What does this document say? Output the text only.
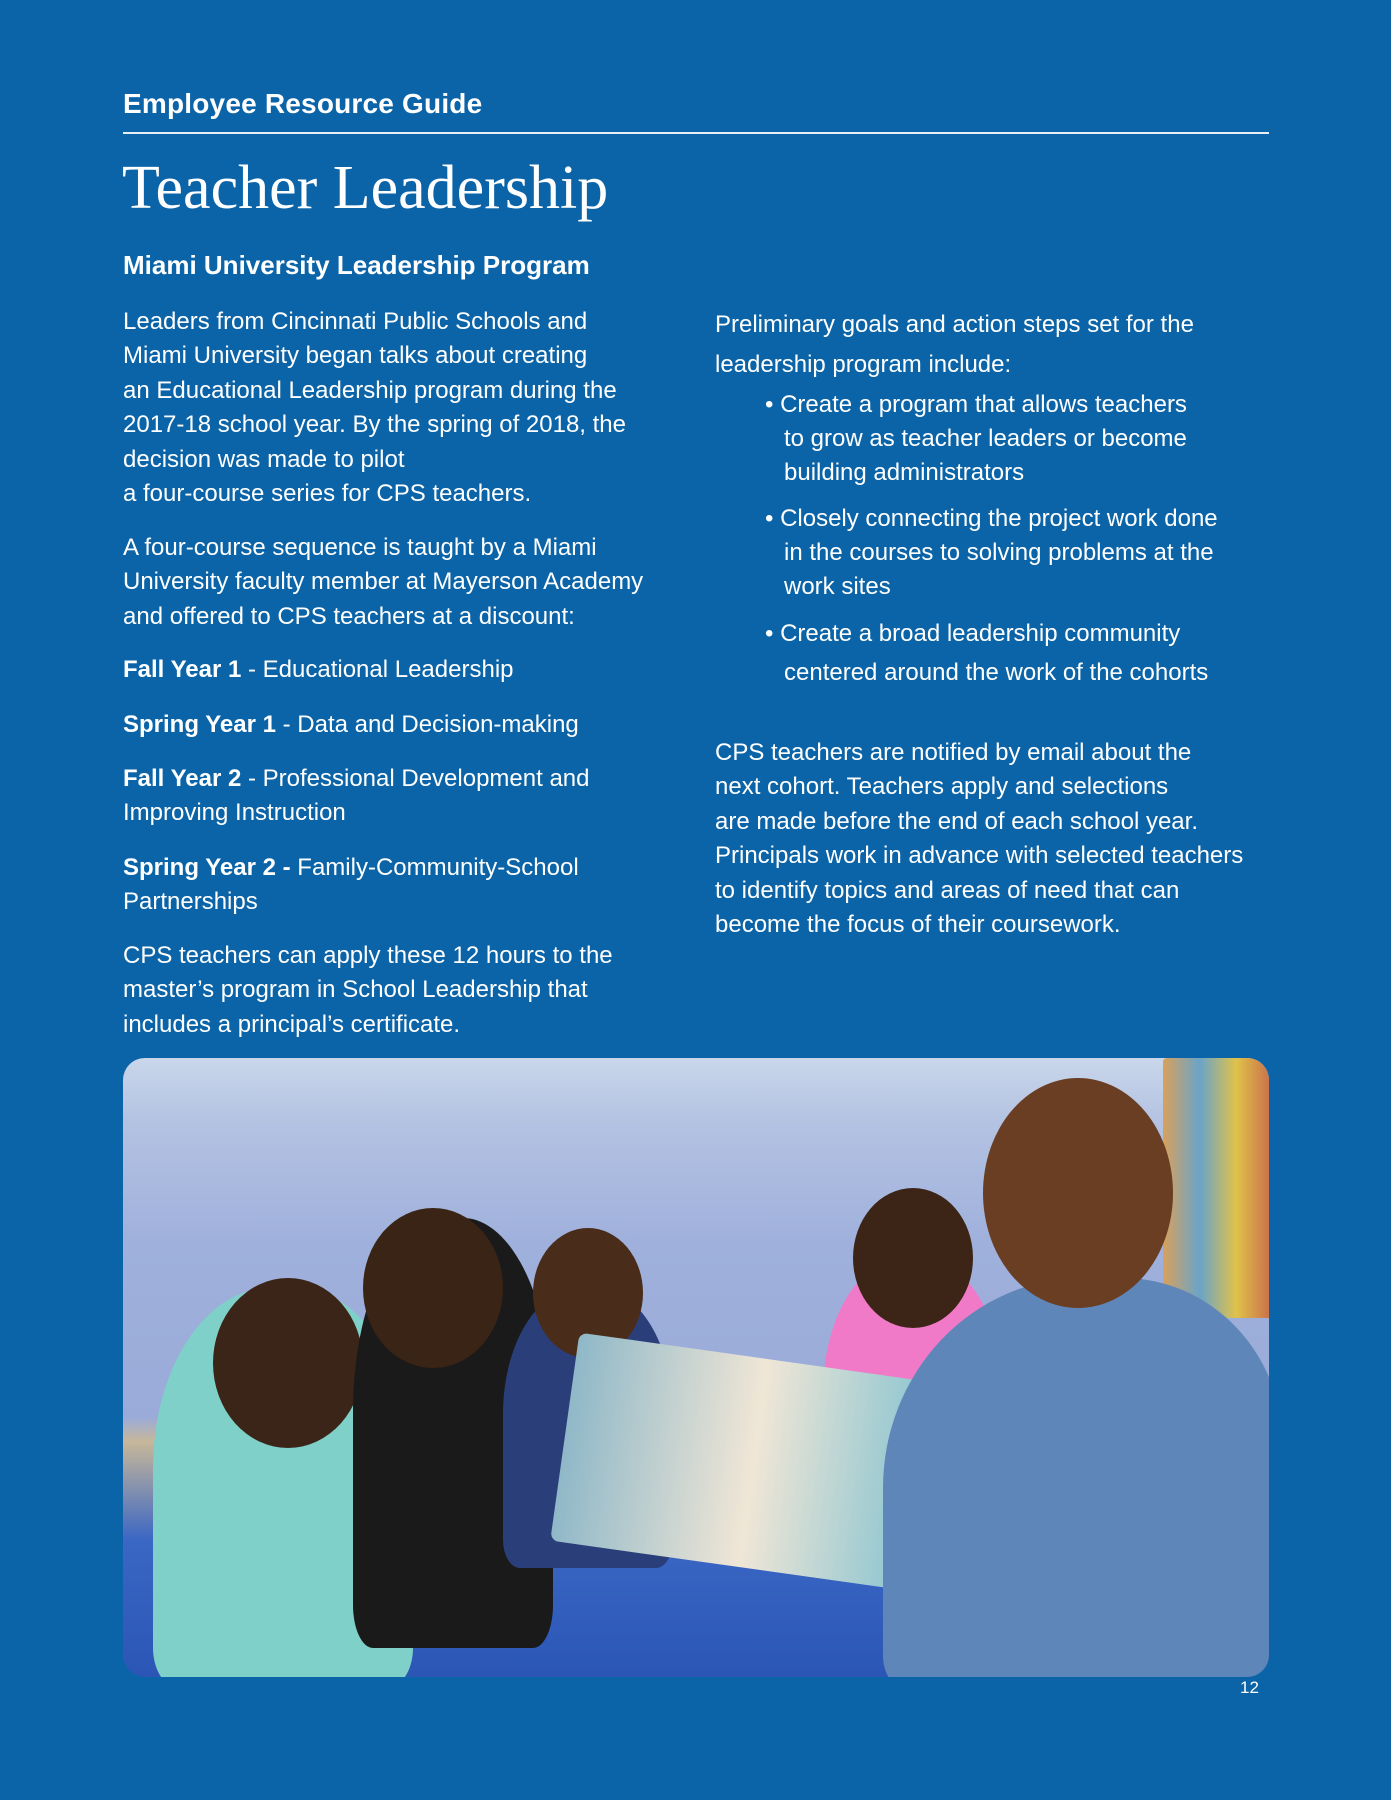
Employee Resource Guide
Teacher Leadership
Miami University Leadership Program
Leaders from Cincinnati Public Schools and
Miami University began talks about creating
an Educational Leadership program during the
2017-18 school year. By the spring of 2018, the
decision was made to pilot
a four-course series for CPS teachers.
A four-course sequence is taught by a Miami
University faculty member at Mayerson Academy
and offered to CPS teachers at a discount:
Fall Year 1 - Educational Leadership
Spring Year 1 - Data and Decision-making
Fall Year 2 - Professional Development and
Improving Instruction
Spring Year 2 - Family-Community-School
Partnerships
CPS teachers can apply these 12 hours to the
master’s program in School Leadership that
includes a principal’s certificate.
Preliminary goals and action steps set for the
leadership program include:
• Create a program that allows teachers
to grow as teacher leaders or become
building administrators
• Closely connecting the project work done
in the courses to solving problems at the
work sites
• Create a broad leadership community
centered around the work of the cohorts
CPS teachers are notified by email about the
next cohort. Teachers apply and selections
are made before the end of each school year.
Principals work in advance with selected teachers
to identify topics and areas of need that can
become the focus of their coursework.
12
